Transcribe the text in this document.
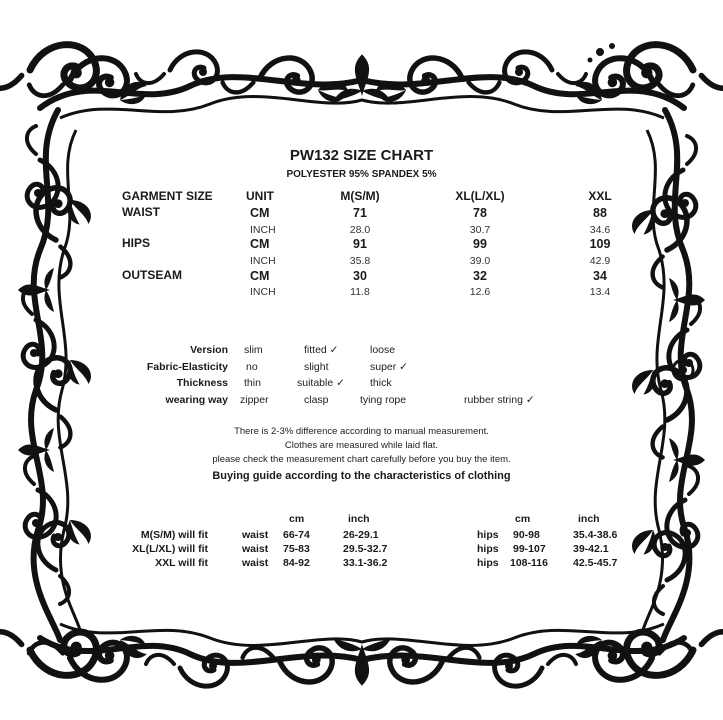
PW132 SIZE CHART
POLYESTER 95% SPANDEX 5%
GARMENT SIZE	UNIT	M(S/M)	XL(L/XL)	XXL
WAIST	CM	71	78	88
INCH	28.0	30.7	34.6
HIPS	CM	91	99	109
INCH	35.8	39.0	42.9
OUTSEAM	CM	30	32	34
INCH	11.8	12.6	13.4
Version slim	fitted ✓	loose
Fabric-Elasticity no	slight	super ✓
Thickness thin	suitable ✓ thick
wearing way zipper	clasp	tying rope	rubber string ✓
There is 2-3% difference according to manual measurement.
Clothes are measured while laid flat.
please check the measurement chart carefully before you buy the item.
Buying guide according to the characteristics of clothing
cm	inch	cm	inch
M(S/M) will fit	waist 66-74	26-29.1	hips 90-98	35.4-38.6
XL(L/XL) will fit	waist 75-83	29.5-32.7	hips 99-107	39-42.1
XXL will fit	waist 84-92	33.1-36.2	hips 108-116 42.5-45.7
